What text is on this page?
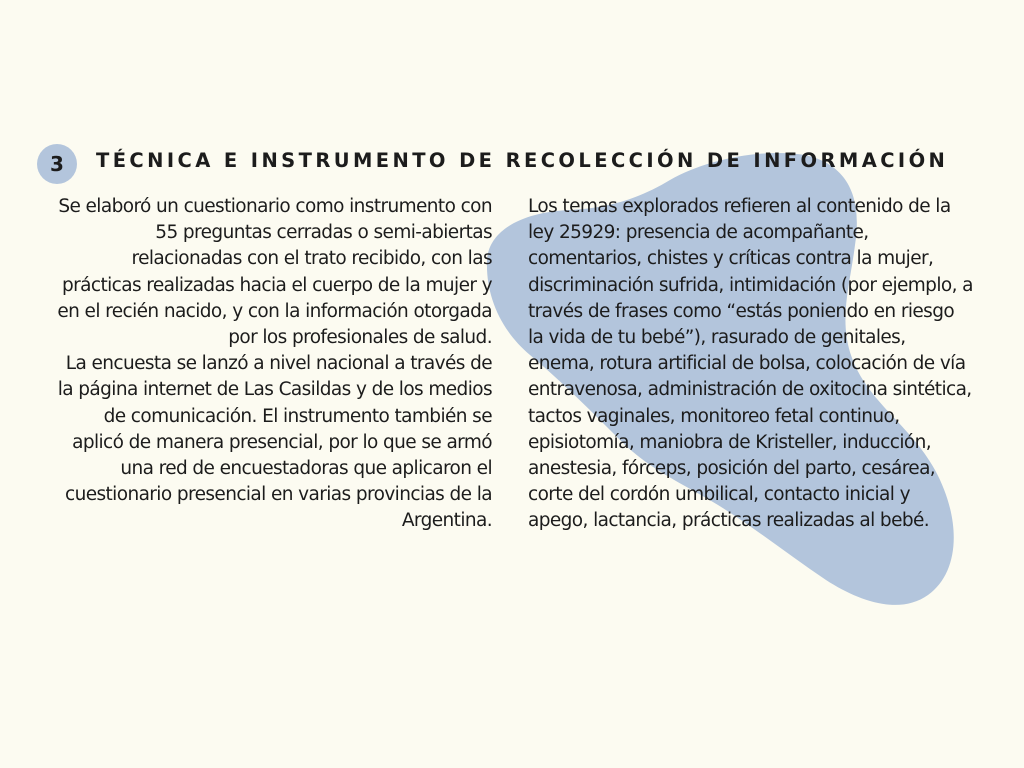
3	TÉCNICA E INSTRUMENTO DE RECOLECCIÓN DE INFORMACIÓN

Se elaboró un cuestionario como instrumento con 55 preguntas cerradas o semi-abiertas relacionadas con el trato recibido, con las prácticas realizadas hacia el cuerpo de la mujer y en el recién nacido, y con la información otorgada por los profesionales de salud.

La encuesta se lanzó a nivel nacional a través de la página internet de Las Casildas y de los medios de comunicación. El instrumento también se aplicó de manera presencial, por lo que se armó una red de encuestadoras que aplicaron el cuestionario presencial en varias provincias de la Argentina.

Los temas explorados refieren al contenido de la ley 25929: presencia de acompañante, comentarios, chistes y críticas contra la mujer, discriminación sufrida, intimidación (por ejemplo, a través de frases como “estás poniendo en riesgo la vida de tu bebé”), rasurado de genitales, enema, rotura artificial de bolsa, colocación de vía entravenosa, administración de oxitocina sintética, tactos vaginales, monitoreo fetal continuo, episiotomía, maniobra de Kristeller, inducción, anestesia, fórceps, posición del parto, cesárea, corte del cordón umbilical, contacto inicial y apego, lactancia, prácticas realizadas al bebé.
